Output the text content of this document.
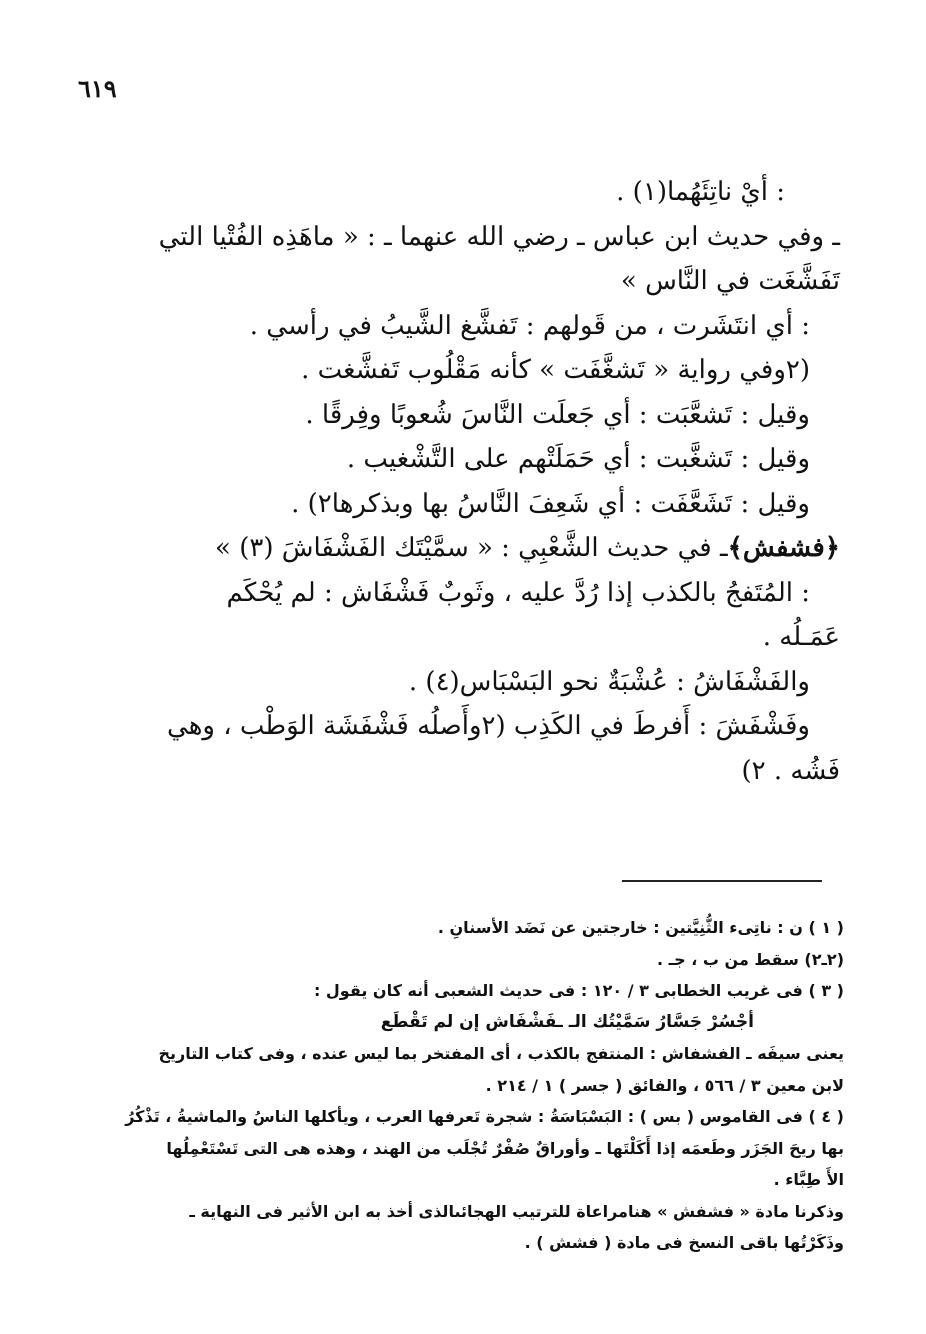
٦١٩
: أيْ ناتِئَهُما(١) .
ـ وفي حديث ابن عباس ـ رضي الله عنهما ـ : « ماهَذِه الفُتْيا التي
تَفَشَّغَت في النَّاس »
: أي انتَشَرت ، من قَولهم : تَفشَّغ الشَّيبُ في رأسي .
(٢وفي رواية « تَشغَّفَت » كأنه مَقْلُوب تَفشَّغت .
وقيل : تَشعَّبَت : أي جَعلَت النَّاسَ شُعوبًا وفِرقًا .
وقيل : تَشغَّبت : أي حَمَلَتْهم على التَّشْغيب .
وقيل : تَشَعَّفَت : أي شَعِفَ النَّاسُ بها وبذكرها٢) .
﴿فشفش﴾ـ في حديث الشَّعْبِي : « سمَّيْتَك الفَشْفَاشَ (٣) »
: المُتَفجُ بالكذب إذا رُدَّ عليه ، وثَوبٌ فَشْفَاش : لم يُحْكَم
عَمَـلُه .
والفَشْفَاشُ : عُشْبَةٌ نحو البَسْبَاس(٤) .
وفَشْفَشَ : أَفرطَ في الكَذِب (٢وأَصلُه فَشْفَشَة الوَطْب ، وهي
فَشُه . ٢)
( ١ ) ن : ناتِىء الثُّنِيَّتين : خارجتين عن نَضَد الأسنانِ .
(٢ـ٢) سقط من ب ، جـ .
( ٣ ) فى غريب الخطابى ٣ / ١٢٠ : فى حديث الشعبى أنه كان يقول :
أجْسُرْ جَسَّارُ سَمَّيْتُك الـ ـفَشْفَاش إن لم تَقْطَع
يعنى سيفَه ـ الفشفاش : المنتفج بالكذب ، أى المفتخر بما ليس عنده ، وفى كتاب التاريخ
لابن معين ٣ / ٥٦٦ ، والفائق ( جسر ) ١ / ٢١٤ .
( ٤ ) فى القاموس ( بس ) : البَسْبَاسَةُ : شجرة تَعرفها العرب ، ويأكلها الناسُ والماشيةُ ، تَذْكُرُ
بها ريحَ الجَزَر وطَعمَه إذا أَكَلْتَها ـ وأوراقٌ صُفْرٌ تُجْلَب من الهند ، وهذه هى التى تَسْتَعْمِلُها
الأَ طِبَّاء .
وذكرنا مادة « فشفش » هنامراعاة للترتيب الهجائىالذى أخذ به ابن الأثير فى النهاية ـ
وذَكَرْتُها باقى النسخ فى مادة ( فشش ) .
